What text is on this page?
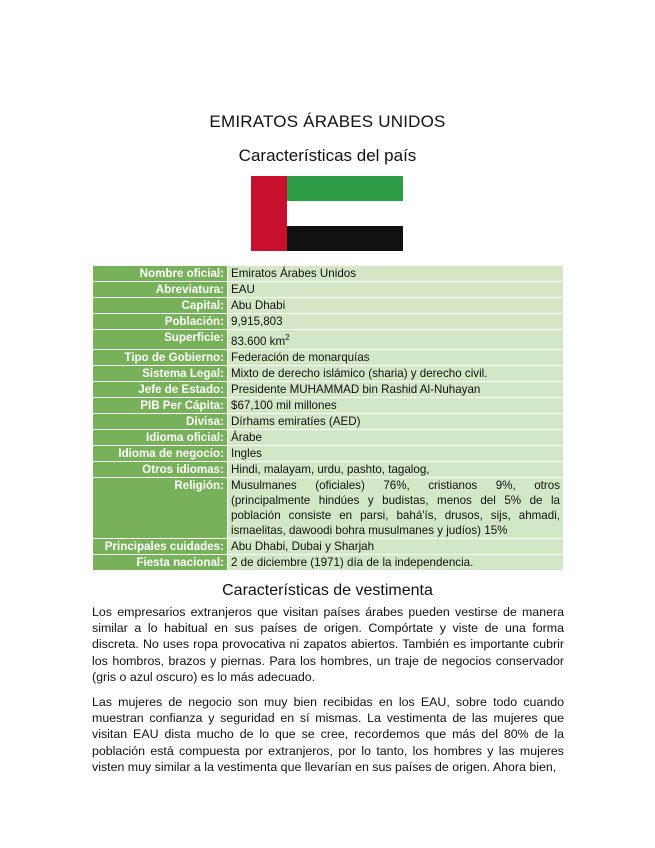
EMIRATOS ÁRABES UNIDOS
Características del país
Nombre oficial:	Emiratos Árabes Unidos
Abreviatura:	EAU
Capital:	Abu Dhabi
Población:	9,915,803
Superficie:	83.600 $km^2$
Tipo de Gobierno:	Federación de monarquías
Sistema Legal:	Mixto de derecho islámico (sharia) y derecho civil.
Jefe de Estado:	Presidente MUHAMMAD bin Rashid Al-Nuhayan
PIB Per Cápita:	$67,100 mil millones
Divisa:	Dírhams emiratíes (AED)
Idioma oficial:	Árabe
Idioma de negocio:	Ingles
Otros idiomas:	Hindi, malayam, urdu, pashto, tagalog,
Religión:	Musulmanes (oficiales) 76%, cristianos 9%, otros (principalmente hindúes y budistas, menos del 5% de la población consiste en parsi, bahá'ís, drusos, sijs, ahmadi, ismaelitas, dawoodi bohra musulmanes y judíos) 15%
Principales cuidades:	Abu Dhabi, Dubai y Sharjah
Fiesta nacional:	2 de diciembre (1971) día de la independencia.
Características de vestimenta

Los empresarios extranjeros que visitan países árabes pueden vestirse de manera similar a lo habitual en sus países de origen. Compórtate y viste de una forma discreta. No uses ropa provocativa ni zapatos abiertos. También es importante cubrir los hombros, brazos y piernas. Para los hombres, un traje de negocios conservador (gris o azul oscuro) es lo más adecuado.

Las mujeres de negocio son muy bien recibidas en los EAU, sobre todo cuando muestran confianza y seguridad en sí mismas. La vestimenta de las mujeres que visitan EAU dista mucho de lo que se cree, recordemos que más del 80% de la población está compuesta por extranjeros, por lo tanto, los hombres y las mujeres visten muy similar a la vestimenta que llevarían en sus países de origen. Ahora bien,
